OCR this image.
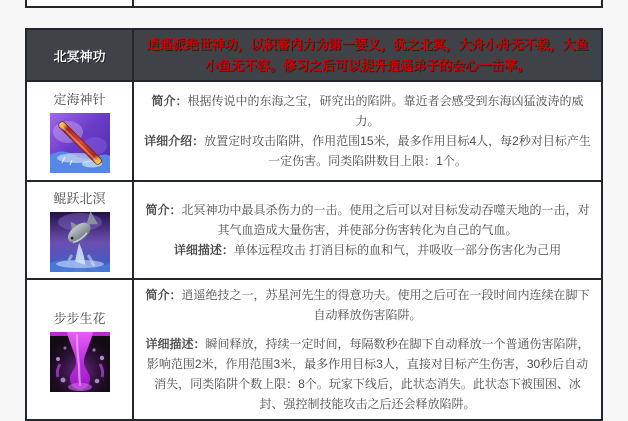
北冥神功	逍遥派绝世神功，以积蓄内力为第一要义，犹之北冥，大舟小舟无不载，大鱼小鱼无不容。修习之后可以提升逍遥弟子的会心一击率。

定海神针	简介：根据传说中的东海之宝，研究出的陷阱。靠近者会感受到东海凶猛波涛的威力。

详细介绍：放置定时攻击陷阱，作用范围15米，最多作用目标4人，每2秒对目标产生一定伤害。同类陷阱数目上限：1个。

鲲跃北溟	简介：北冥神功中最具杀伤力的一击。使用之后可以对目标发动吞噬天地的一击，对其气血造成大量伤害，并使部分伤害转化为自己的气血。

详细描述：单体远程攻击 打消目标的血和气，并吸收一部分伤害化为己用

步步生花	简介：逍遥绝技之一，苏星河先生的得意功夫。使用之后可在一段时间内连续在脚下自动释放伤害陷阱。

详细描述：瞬间释放，持续一定时间，每隔数秒在脚下自动释放一个普通伤害陷阱，影响范围2米，作用范围3米，最多作用目标3人，直接对目标产生伤害，30秒后自动消失，同类陷阱个数上限：8个。玩家下线后，此状态消失。此状态下被围困、冰封、强控制技能攻击之后还会释放陷阱。
